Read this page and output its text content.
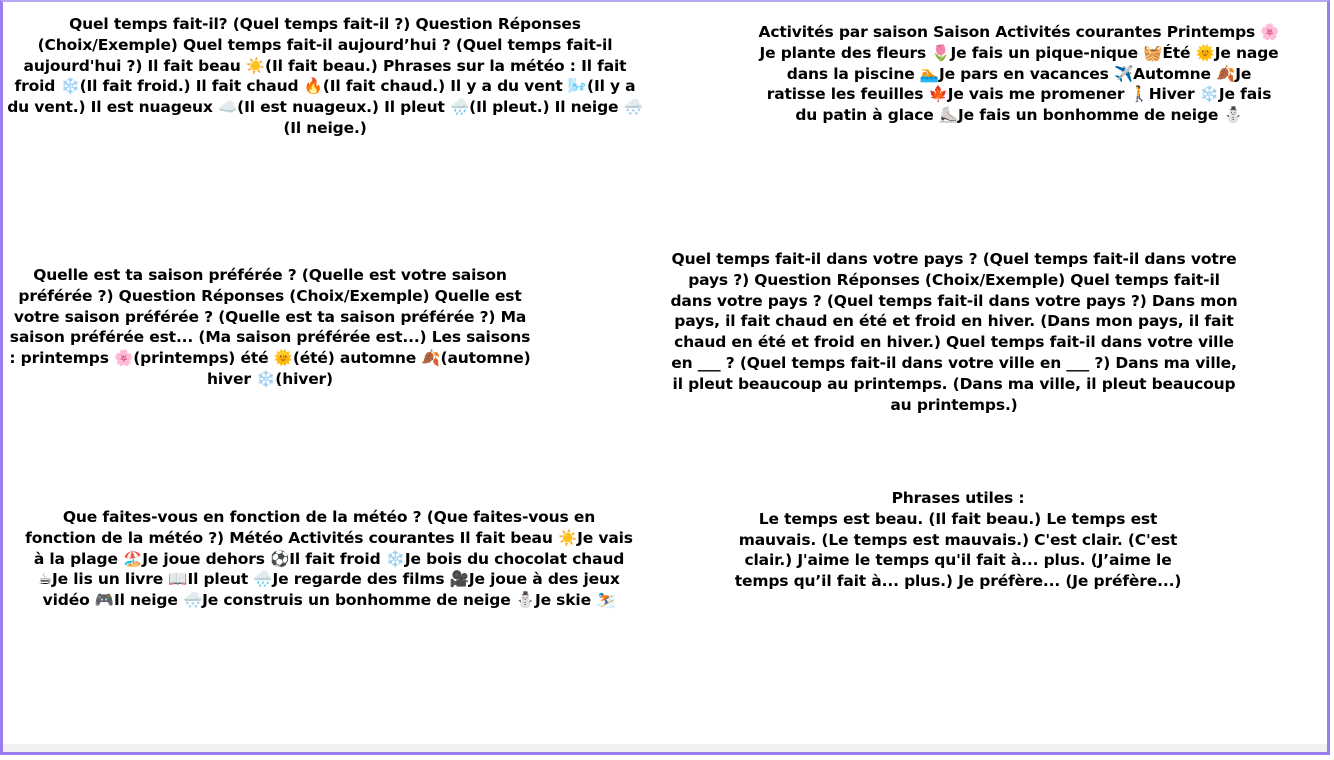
Quel temps fait-il? (Quel temps fait-il ?) Question Réponses (Choix/Exemple) Quel temps fait-il aujourd’hui ? (Quel temps fait-il aujourd'hui ?) Il fait beau ☀️(Il fait beau.) Phrases sur la météo : Il fait froid ❄️(Il fait froid.) Il fait chaud 🔥(Il fait chaud.) Il y a du vent 🌬️(Il y a du vent.) Il est nuageux ☁️(Il est nuageux.) Il pleut 🌧️(Il pleut.) Il neige 🌨️(Il neige.)
Activités par saison Saison Activités courantes Printemps 🌸Je plante des fleurs 🌷Je fais un pique-nique 🧺Été 🌞Je nage dans la piscine 🏊Je pars en vacances ✈️Automne 🍂Je ratisse les feuilles 🍁Je vais me promener 🚶Hiver ❄️Je fais du patin à glace ⛸️Je fais un bonhomme de neige ⛄
Quelle est ta saison préférée ? (Quelle est votre saison préférée ?) Question Réponses (Choix/Exemple) Quelle est votre saison préférée ? (Quelle est ta saison préférée ?) Ma saison préférée est... (Ma saison préférée est...) Les saisons : printemps 🌸(printemps) été 🌞(été) automne 🍂(automne) hiver ❄️(hiver)
Quel temps fait-il dans votre pays ? (Quel temps fait-il dans votre pays ?) Question Réponses (Choix/Exemple) Quel temps fait-il dans votre pays ? (Quel temps fait-il dans votre pays ?) Dans mon pays, il fait chaud en été et froid en hiver. (Dans mon pays, il fait chaud en été et froid en hiver.) Quel temps fait-il dans votre ville en ___ ? (Quel temps fait-il dans votre ville en ___ ?) Dans ma ville, il pleut beaucoup au printemps. (Dans ma ville, il pleut beaucoup au printemps.)
Que faites-vous en fonction de la météo ? (Que faites-vous en fonction de la météo ?) Météo Activités courantes Il fait beau ☀️Je vais à la plage 🏖️Je joue dehors ⚽Il fait froid ❄️Je bois du chocolat chaud ☕Je lis un livre 📖Il pleut 🌧️Je regarde des films 🎥Je joue à des jeux vidéo 🎮Il neige 🌨️Je construis un bonhomme de neige ⛄Je skie ⛷️
Phrases utiles :
Le temps est beau. (Il fait beau.) Le temps est mauvais. (Le temps est mauvais.) C'est clair. (C'est clair.) J'aime le temps qu'il fait à... plus. (J’aime le temps qu’il fait à... plus.) Je préfère... (Je préfère...)
